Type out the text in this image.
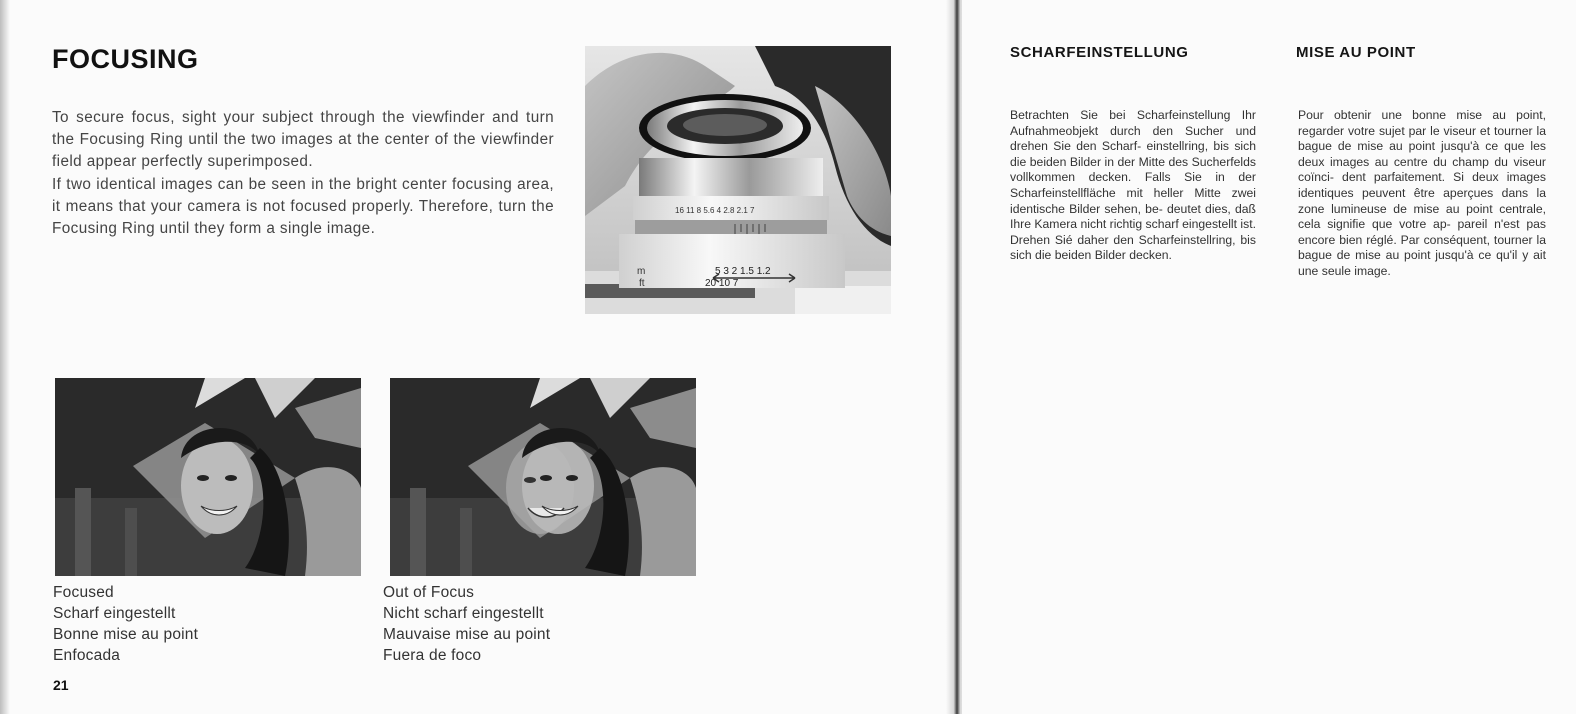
FOCUSING

To secure focus, sight your subject through the viewfinder and turn the Focusing Ring until the two images at the center of the viewfinder field appear perfectly superimposed.

If two identical images can be seen in the bright center focusing area, it means that your camera is not focused properly. Therefore, turn the Focusing Ring until they form a single image.

16 11 8 5.6 4 2.8 2.1 7
m
ft
5 3 2 1.5 1.2
20 10 7
Focused
Scharf eingestellt
Bonne mise au point
Enfocada
Out of Focus
Nicht scharf eingestellt
Mauvaise mise au point
Fuera de foco
21
SCHARFEINSTELLUNG	MISE AU POINT

Betrachten Sie bei Scharfeinstellung Ihr Aufnahmeobjekt durch den Sucher und drehen Sie den Scharf- einstellring, bis sich die beiden Bilder in der Mitte des Sucherfelds vollkommen decken. Falls Sie in der Scharfeinstellfläche mit heller Mitte zwei identische Bilder sehen, be- deutet dies, daß Ihre Kamera nicht richtig scharf eingestellt ist. Drehen Sié daher den Scharfeinstellring, bis sich die beiden Bilder decken.

Pour obtenir une bonne mise au point, regarder votre sujet par le viseur et tourner la bague de mise au point jusqu'à ce que les deux images au centre du champ du viseur coïnci- dent parfaitement. Si deux images identiques peuvent être aperçues dans la zone lumineuse de mise au point centrale, cela signifie que votre ap- pareil n'est pas encore bien réglé. Par conséquent, tourner la bague de mise au point jusqu'à ce qu'il y ait une seule image.
